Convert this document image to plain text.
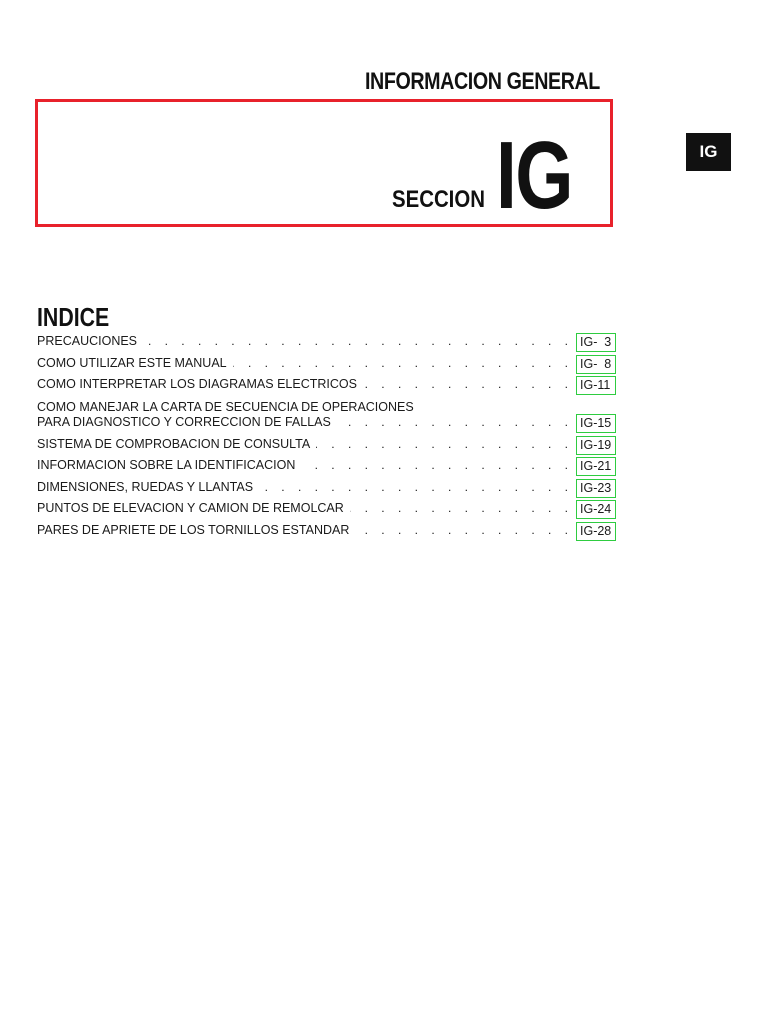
INFORMACION GENERAL
SECCION IG	IG
INDICE
PRECAUCIONES . . .	IG-  3
COMO UTILIZAR ESTE MANUAL . . .	IG-  8
COMO INTERPRETAR LOS DIAGRAMAS ELECTRICOS . . .	IG-11
COMO MANEJAR LA CARTA DE SECUENCIA DE OPERACIONES
PARA DIAGNOSTICO Y CORRECCION DE FALLAS . . .	IG-15
SISTEMA DE COMPROBACION DE CONSULTA . . .	IG-19
INFORMACION SOBRE LA IDENTIFICACION . . .	IG-21
DIMENSIONES, RUEDAS Y LLANTAS . . .	IG-23
PUNTOS DE ELEVACION Y CAMION DE REMOLCAR . . .	IG-24
PARES DE APRIETE DE LOS TORNILLOS ESTANDAR . . .	IG-28
